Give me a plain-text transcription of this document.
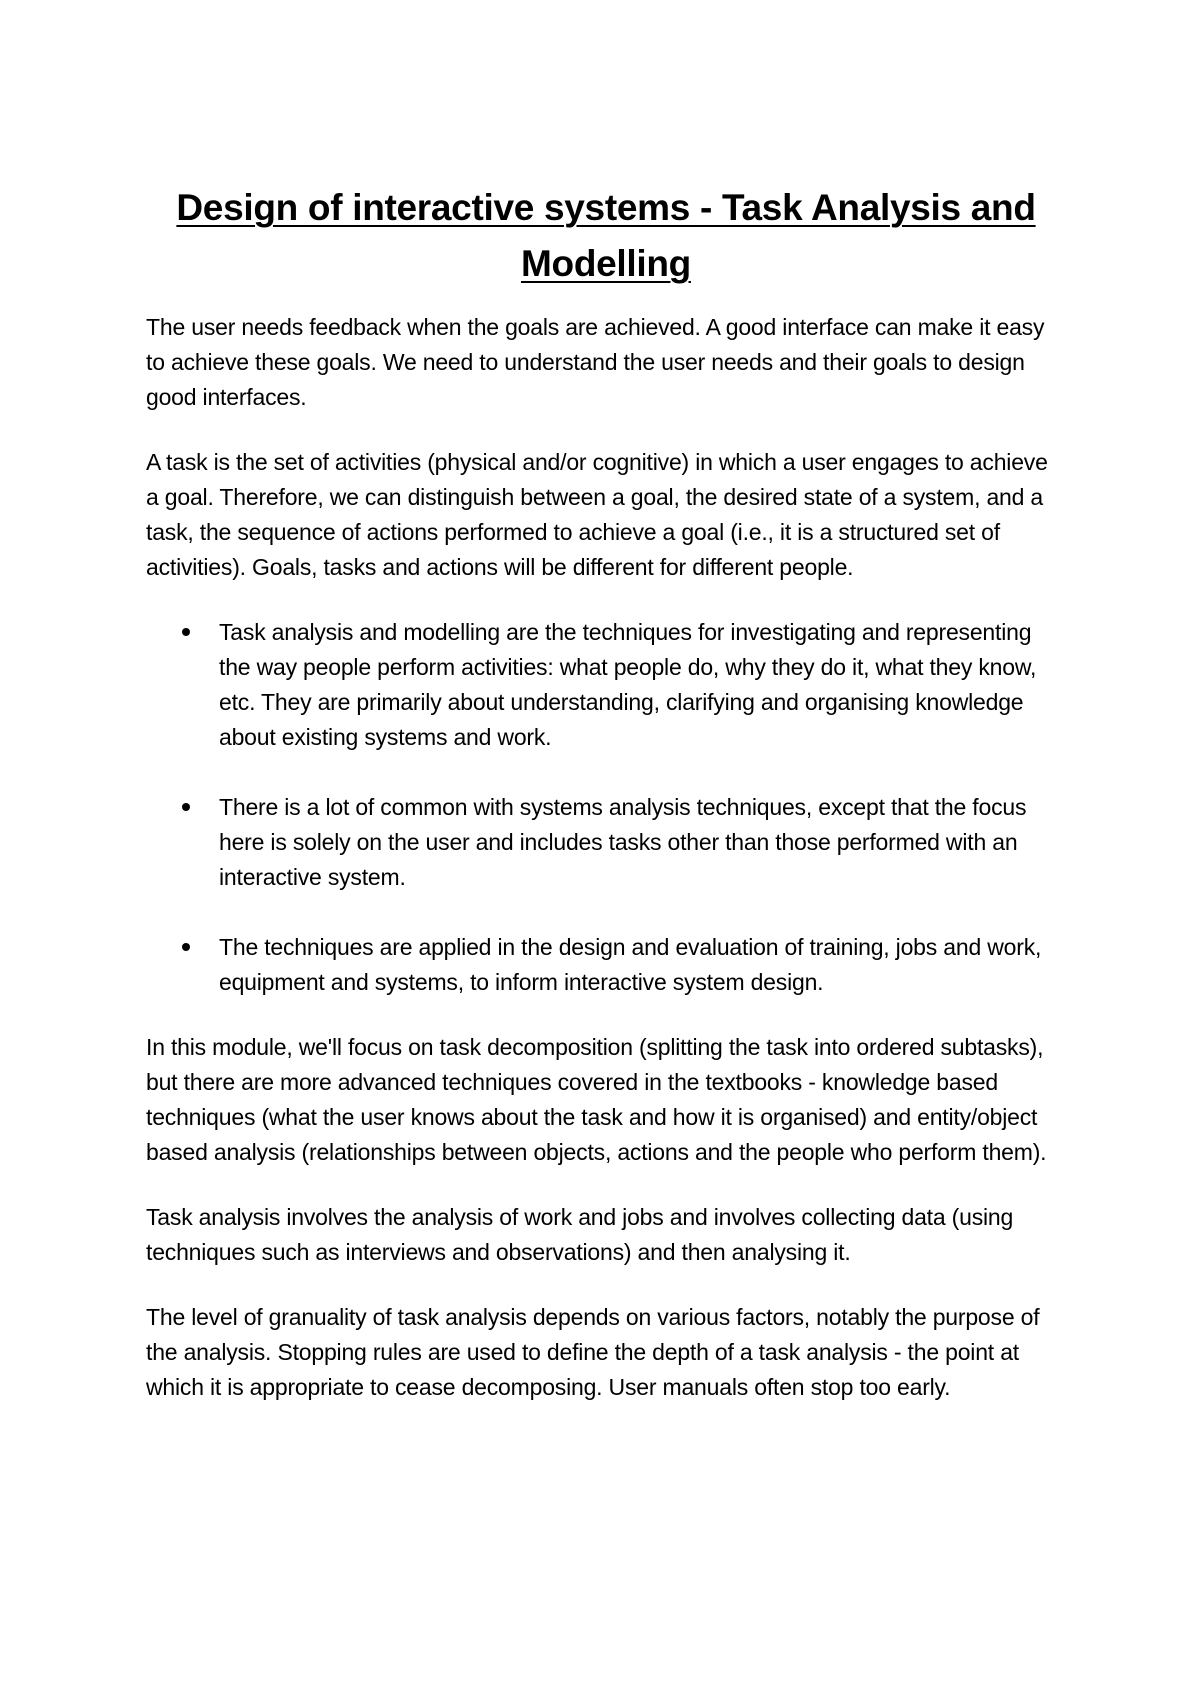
Design of interactive systems - Task Analysis and
Modelling

The user needs feedback when the goals are achieved. A good interface can make it easy to achieve these goals. We need to understand the user needs and their goals to design good interfaces.

A task is the set of activities (physical and/or cognitive) in which a user engages to achieve a goal. Therefore, we can distinguish between a goal, the desired state of a system, and a task, the sequence of actions performed to achieve a goal (i.e., it is a structured set of activities). Goals, tasks and actions will be different for different people.

Task analysis and modelling are the techniques for investigating and representing the way people perform activities: what people do, why they do it, what they know, etc. They are primarily about understanding, clarifying and organising knowledge about existing systems and work.
There is a lot of common with systems analysis techniques, except that the focus here is solely on the user and includes tasks other than those performed with an interactive system.
The techniques are applied in the design and evaluation of training, jobs and work, equipment and systems, to inform interactive system design.

In this module, we'll focus on task decomposition (splitting the task into ordered subtasks), but there are more advanced techniques covered in the textbooks - knowledge based techniques (what the user knows about the task and how it is organised) and entity/object based analysis (relationships between objects, actions and the people who perform them).

Task analysis involves the analysis of work and jobs and involves collecting data (using techniques such as interviews and observations) and then analysing it.

The level of granuality of task analysis depends on various factors, notably the purpose of the analysis. Stopping rules are used to define the depth of a task analysis - the point at which it is appropriate to cease decomposing. User manuals often stop too early.
